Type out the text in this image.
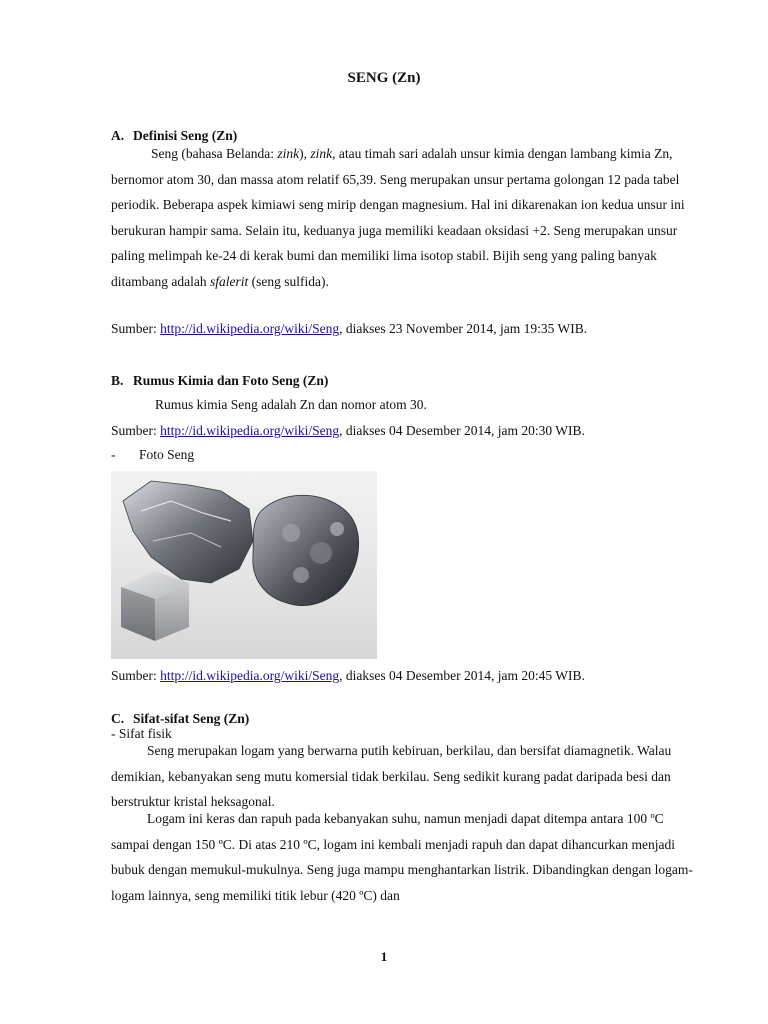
SENG (Zn)
A. Definisi Seng (Zn)

Seng (bahasa Belanda: zink), zink, atau timah sari adalah unsur kimia dengan lambang kimia Zn, bernomor atom 30, dan massa atom relatif 65,39. Seng merupakan unsur pertama golongan 12 pada tabel periodik. Beberapa aspek kimiawi seng mirip dengan magnesium. Hal ini dikarenakan ion kedua unsur ini berukuran hampir sama. Selain itu, keduanya juga memiliki keadaan oksidasi +2. Seng merupakan unsur paling melimpah ke-24 di kerak bumi dan memiliki lima isotop stabil. Bijih seng yang paling banyak ditambang adalah sfalerit (seng sulfida).

Sumber: http://id.wikipedia.org/wiki/Seng, diakses 23 November 2014, jam 19:35 WIB.
B. Rumus Kimia dan Foto Seng (Zn)
Rumus kimia Seng adalah Zn dan nomor atom 30.
Sumber: http://id.wikipedia.org/wiki/Seng, diakses 04 Desember 2014, jam 20:30 WIB.
- Foto Seng
Sumber: http://id.wikipedia.org/wiki/Seng, diakses 04 Desember 2014, jam 20:45 WIB.
C. Sifat-sifat Seng (Zn)
- Sifat fisik

Seng merupakan logam yang berwarna putih kebiruan, berkilau, dan bersifat diamagnetik. Walau demikian, kebanyakan seng mutu komersial tidak berkilau. Seng sedikit kurang padat daripada besi dan berstruktur kristal heksagonal.

Logam ini keras dan rapuh pada kebanyakan suhu, namun menjadi dapat ditempa antara 100 ºC sampai dengan 150 ºC. Di atas 210 ºC, logam ini kembali menjadi rapuh dan dapat dihancurkan menjadi bubuk dengan memukul-mukulnya. Seng juga mampu menghantarkan listrik. Dibandingkan dengan logam-logam lainnya, seng memiliki titik lebur (420 ºC) dan

1
